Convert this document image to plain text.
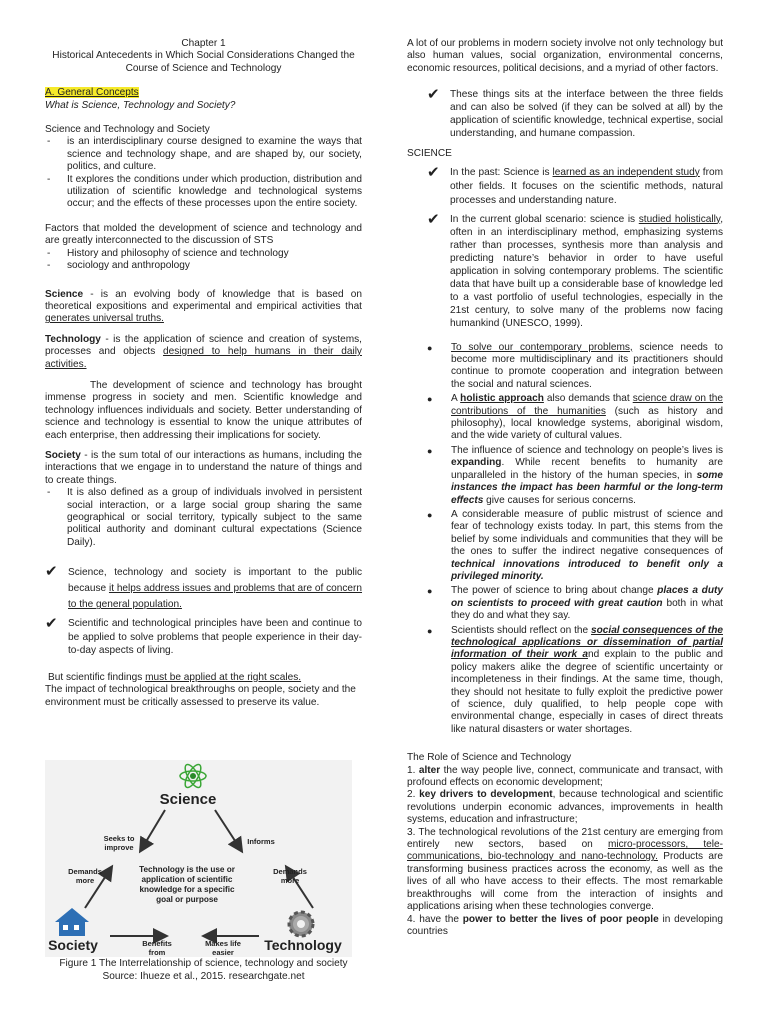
Chapter 1

Historical Antecedents in Which Social Considerations Changed the

Course of Science and Technology

A. General Concepts

What is Science, Technology and Society?

Science and Technology and Society

- is an interdisciplinary course designed to examine the ways that science and technology shape, and are shaped by, our society, politics, and culture.
- It explores the conditions under which production, distribution and utilization of scientific knowledge and technological systems occur; and the effects of these processes upon the entire society.

Factors that molded the development of science and technology and are greatly interconnected to the discussion of STS

- History and philosophy of science and technology
- sociology and anthropology

Science - is an evolving body of knowledge that is based on theoretical expositions and experimental and empirical activities that generates universal truths.

Technology - is the application of science and creation of systems, processes and objects designed to help humans in their daily activities.

The development of science and technology has brought immense progress in society and men. Scientific knowledge and technology influences individuals and society. Better understanding of science and technology is essential to know the unique attributes of each enterprise, then addressing their implications for society.

Society - is the sum total of our interactions as humans, including the interactions that we engage in to understand the nature of things and to create things.

- It is also defined as a group of individuals involved in persistent social interaction, or a large social group sharing the same geographical or social territory, typically subject to the same political authority and dominant cultural expectations (Science Daily).
✔	Science, technology and society is important to the public because it helps address issues and problems that are of concern to the general population.
✔	Scientific and technological principles have been and continue to be applied to solve problems that people experience in their day-to-day aspects of living.

But scientific findings must be applied at the right scales.

The impact of technological breakthroughs on people, society and the environment must be critically assessed to preserve its value.

Science
Seeks to
improve
Informs
Demands
more
Demands
more
Technology is the use or
application of scientific
knowledge for a specific
goal or purpose
Benefits
from
Makes life
easier
Society	Technology

Figure 1 The Interrelationship of science, technology and society

Source: Ihueze et al., 2015. researchgate.net

A lot of our problems in modern society involve not only technology but also human values, social organization, environmental concerns, economic resources, political decisions, and a myriad of other factors.

✔	These things sits at the interface between the three fields and can also be solved (if they can be solved at all) by the application of scientific knowledge, technical expertise, social understanding, and humane compassion.

SCIENCE

✔	In the past: Science is learned as an independent study from other fields. It focuses on the scientific methods, natural processes and understanding nature.
✔	In the current global scenario: science is studied holistically, often in an interdisciplinary method, emphasizing systems rather than processes, synthesis more than analysis and predicting nature’s behavior in order to have useful application in solving contemporary problems. The scientific data that have built up a considerable base of knowledge led to a vast portfolio of useful technologies, especially in the 21st century, to solve many of the problems now facing humankind (UNESCO, 1999).
●	To solve our contemporary problems, science needs to become more multidisciplinary and its practitioners should continue to promote cooperation and integration between the social and natural sciences.
●	A holistic approach also demands that science draw on the contributions of the humanities (such as history and philosophy), local knowledge systems, aboriginal wisdom, and the wide variety of cultural values.
●	The influence of science and technology on people’s lives is expanding. While recent benefits to humanity are unparalleled in the history of the human species, in some instances the impact has been harmful or the long-term effects give causes for serious concerns.
●	A considerable measure of public mistrust of science and fear of technology exists today. In part, this stems from the belief by some individuals and communities that they will be the ones to suffer the indirect negative consequences of technical innovations introduced to benefit only a privileged minority.
●	The power of science to bring about change places a duty on scientists to proceed with great caution both in what they do and what they say.
●	Scientists should reflect on the social consequences of the technological applications or dissemination of partial information of their work and explain to the public and policy makers alike the degree of scientific uncertainty or incompleteness in their findings. At the same time, though, they should not hesitate to fully exploit the predictive power of science, duly qualified, to help people cope with environmental change, especially in cases of direct threats like natural disasters or water shortages.

The Role of Science and Technology

1. alter the way people live, connect, communicate and transact, with profound effects on economic development;

2. key drivers to development, because technological and scientific revolutions underpin economic advances, improvements in health systems, education and infrastructure;

3. The technological revolutions of the 21st century are emerging from entirely new sectors, based on micro-processors, tele-communications, bio-technology and nano-technology. Products are transforming business practices across the economy, as well as the lives of all who have access to their effects. The most remarkable breakthroughs will come from the interaction of insights and applications arising when these technologies converge.

4. have the power to better the lives of poor people in developing countries
